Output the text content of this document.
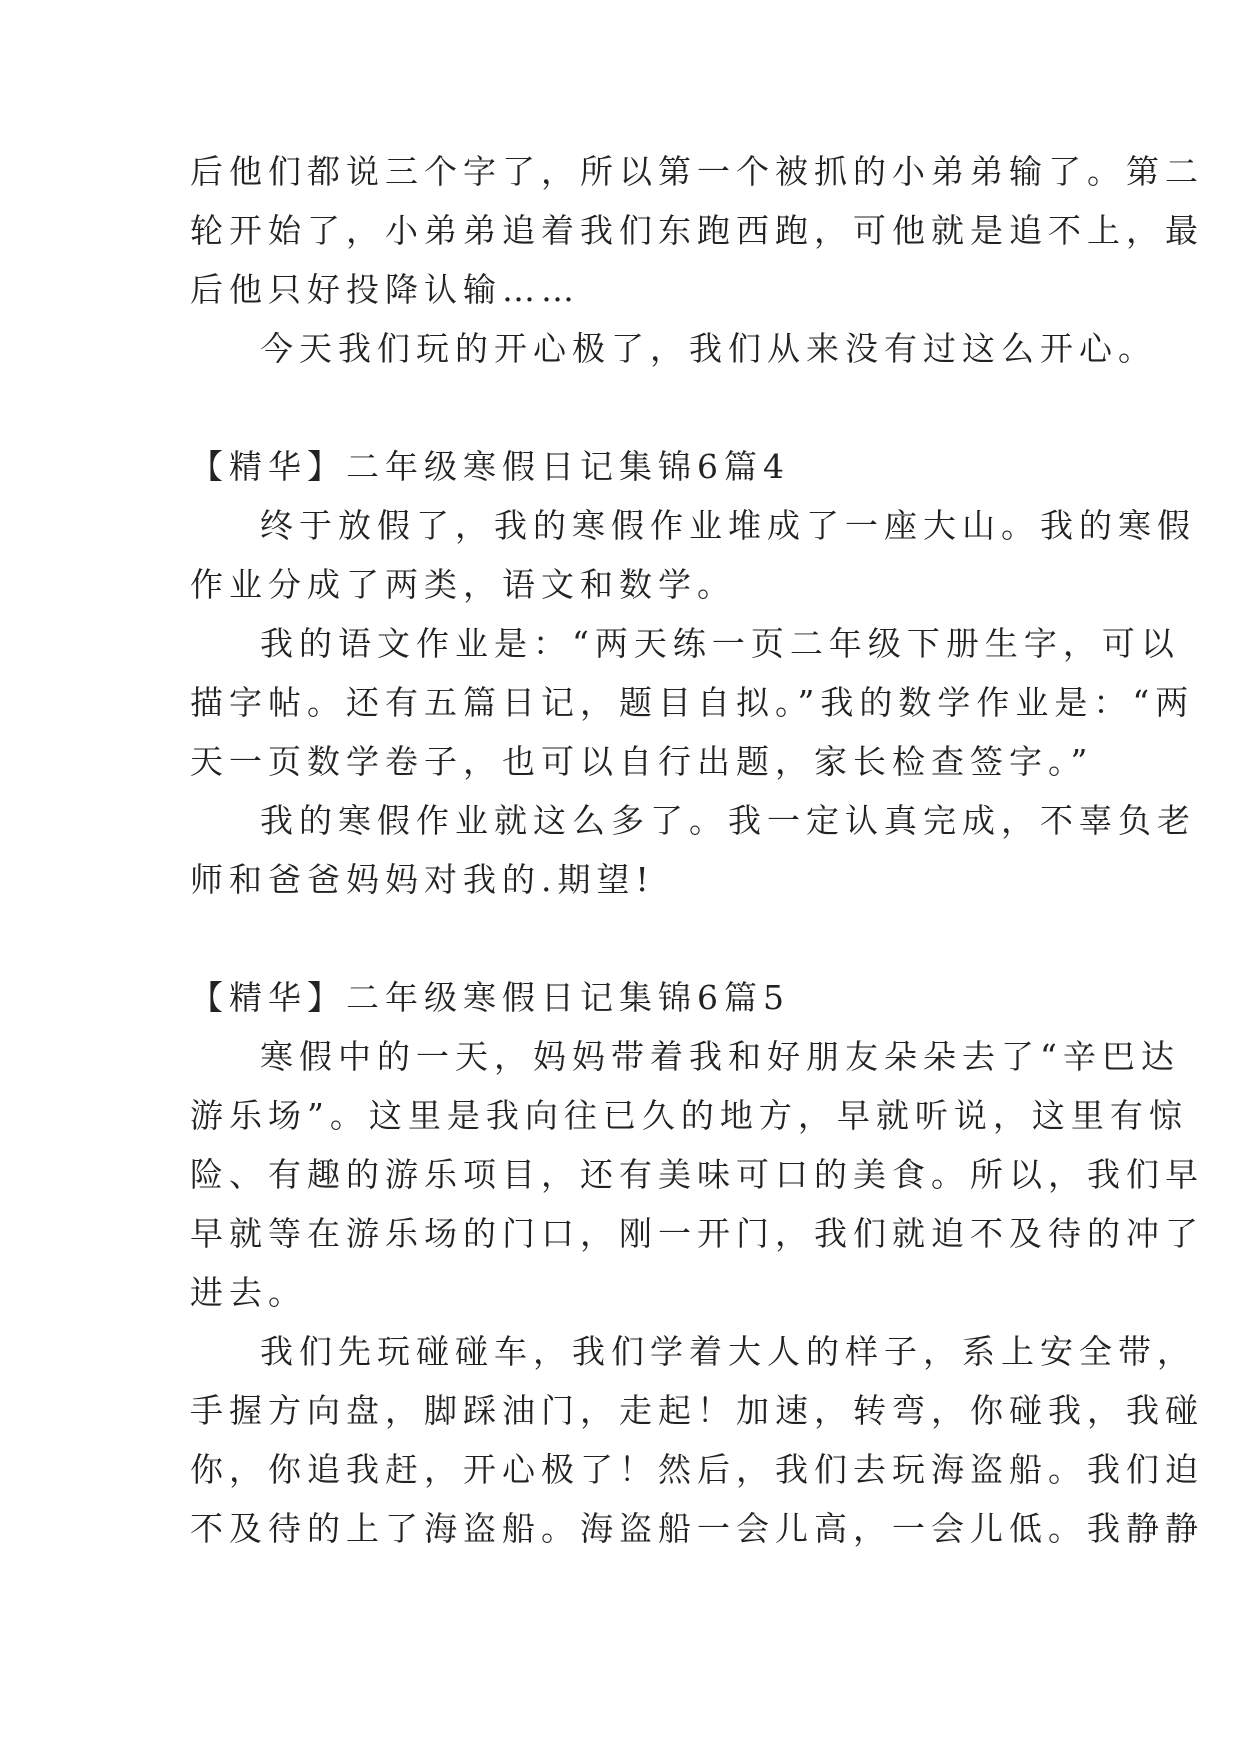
后他们都说三个字了，所以第一个被抓的小弟弟输了。第二

轮开始了，小弟弟追着我们东跑西跑，可他就是追不上，最

后他只好投降认输……

今天我们玩的开心极了，我们从来没有过这么开心。

【精华】二年级寒假日记集锦6篇4

终于放假了，我的寒假作业堆成了一座大山。我的寒假

作业分成了两类，语文和数学。

我的语文作业是：“两天练一页二年级下册生字，可以

描字帖。还有五篇日记，题目自拟。”我的数学作业是：“两

天一页数学卷子，也可以自行出题，家长检查签字。”

我的寒假作业就这么多了。我一定认真完成，不辜负老

师和爸爸妈妈对我的.期望!

【精华】二年级寒假日记集锦6篇5

寒假中的一天，妈妈带着我和好朋友朵朵去了“辛巴达

游乐场”。这里是我向往已久的地方，早就听说，这里有惊

险、有趣的游乐项目，还有美味可口的美食。所以，我们早

早就等在游乐场的门口，刚一开门，我们就迫不及待的冲了

进去。

我们先玩碰碰车，我们学着大人的样子，系上安全带，

手握方向盘，脚踩油门，走起！加速，转弯，你碰我，我碰

你，你追我赶，开心极了！然后，我们去玩海盗船。我们迫

不及待的上了海盗船。海盗船一会儿高，一会儿低。我静静
